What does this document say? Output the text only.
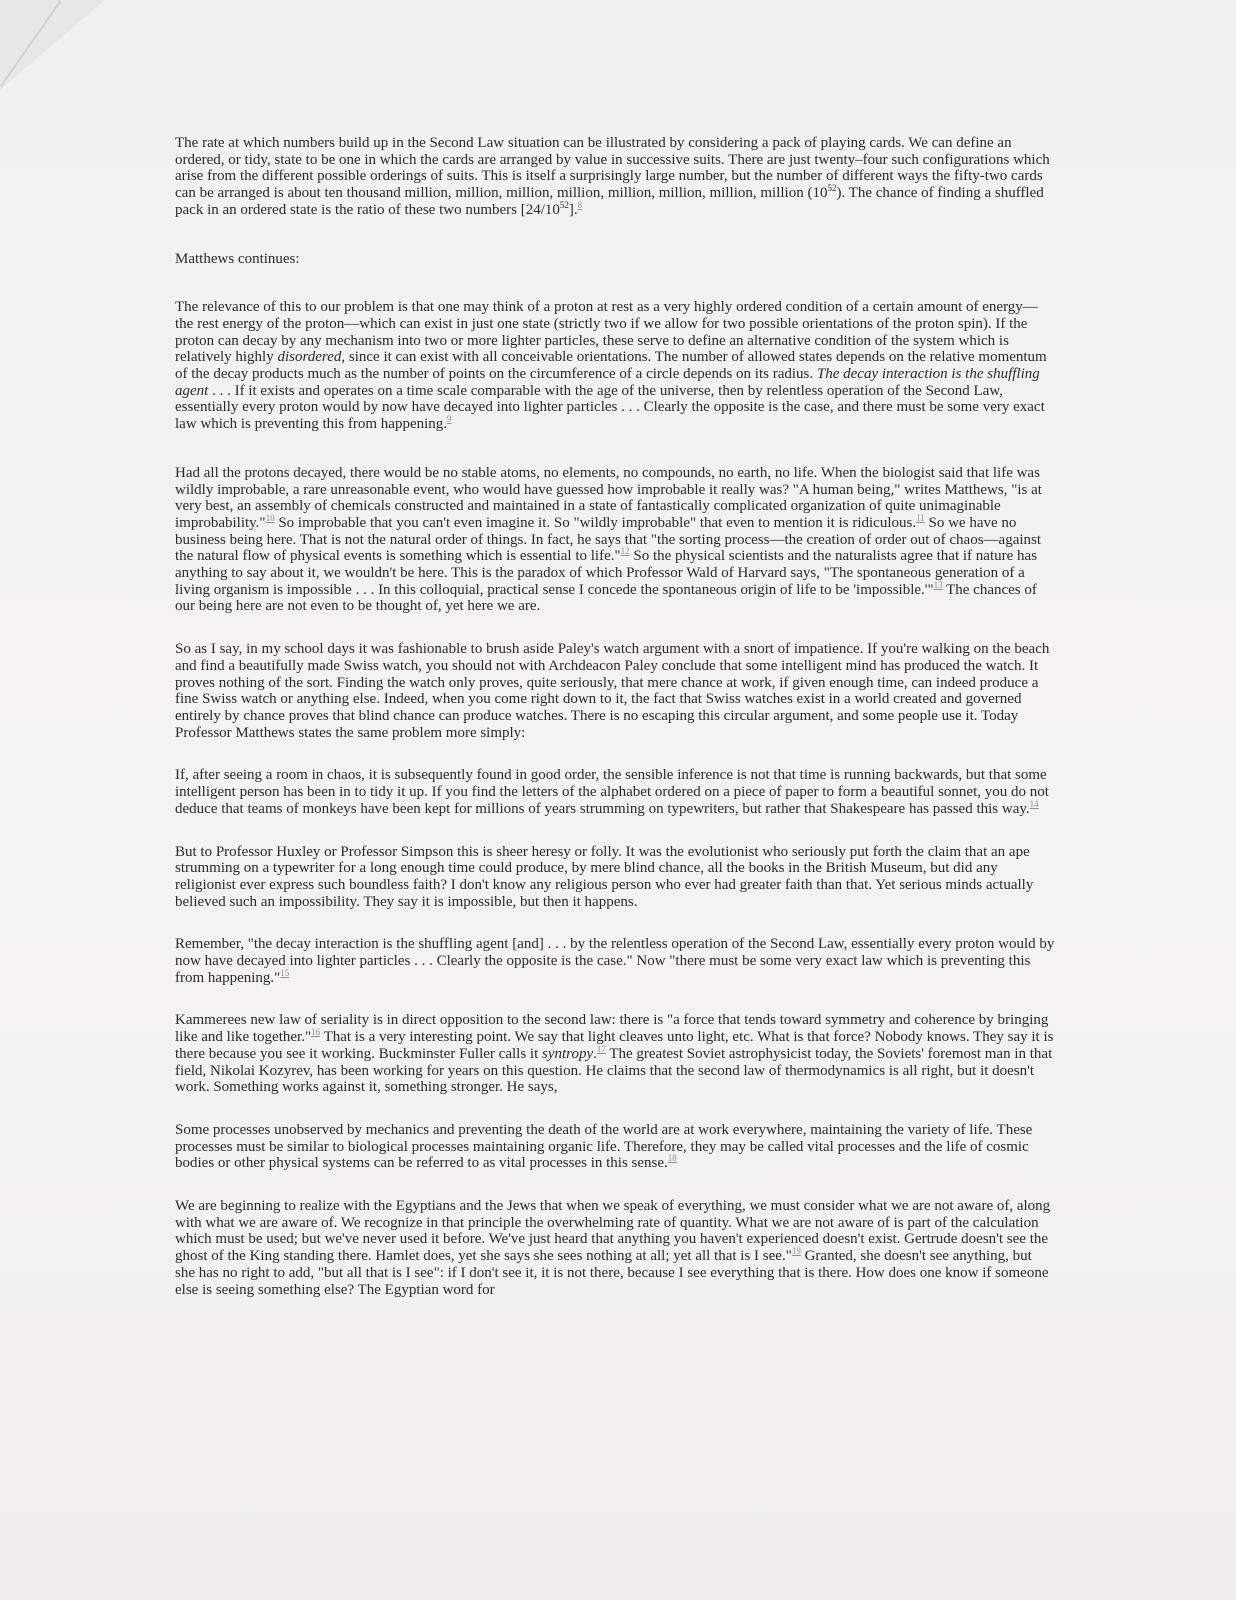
The rate at which numbers build up in the Second Law situation can be illustrated by considering a pack of playing cards. We can define an ordered, or tidy, state to be one in which the cards are arranged by value in successive suits. There are just twenty–four such configurations which arise from the different possible orderings of suits. This is itself a surprisingly large number, but the number of different ways the fifty-two cards can be arranged is about ten thousand million, million, million, million, million, million, million, million $(10^{52})$. The chance of finding a shuffled pack in an ordered state is the ratio of these two numbers $[24/10^{52}].^8$

Matthews continues:

The relevance of this to our problem is that one may think of a proton at rest as a very highly ordered condition of a certain amount of energy—the rest energy of the proton—which can exist in just one state (strictly two if we allow for two possible orientations of the proton spin). If the proton can decay by any mechanism into two or more lighter particles, these serve to define an alternative condition of the system which is relatively highly disordered, since it can exist with all conceivable orientations. The number of allowed states depends on the relative momentum of the decay products much as the number of points on the circumference of a circle depends on its radius. The decay interaction is the shuffling agent . . . If it exists and operates on a time scale comparable with the age of the universe, then by relentless operation of the Second Law, essentially every proton would by now have decayed into lighter particles . . . Clearly the opposite is the case, and there must be some very exact law which is preventing this from happening.$^9$

Had all the protons decayed, there would be no stable atoms, no elements, no compounds, no earth, no life. When the biologist said that life was wildly improbable, a rare unreasonable event, who would have guessed how improbable it really was? "A human being," writes Matthews, "is at very best, an assembly of chemicals constructed and maintained in a state of fantastically complicated organization of quite unimaginable improbability."$^{10}$ So improbable that you can't even imagine it. So "wildly improbable" that even to mention it is ridiculous.$^{11}$ So we have no business being here. That is not the natural order of things. In fact, he says that "the sorting process—the creation of order out of chaos—against the natural flow of physical events is something which is essential to life."$^{12}$ So the physical scientists and the naturalists agree that if nature has anything to say about it, we wouldn't be here. This is the paradox of which Professor Wald of Harvard says, "The spontaneous generation of a living organism is impossible . . . In this colloquial, practical sense I concede the spontaneous origin of life to be 'impossible.'"$^{13}$ The chances of our being here are not even to be thought of, yet here we are.

So as I say, in my school days it was fashionable to brush aside Paley's watch argument with a snort of impatience. If you're walking on the beach and find a beautifully made Swiss watch, you should not with Archdeacon Paley conclude that some intelligent mind has produced the watch. It proves nothing of the sort. Finding the watch only proves, quite seriously, that mere chance at work, if given enough time, can indeed produce a fine Swiss watch or anything else. Indeed, when you come right down to it, the fact that Swiss watches exist in a world created and governed entirely by chance proves that blind chance can produce watches. There is no escaping this circular argument, and some people use it. Today Professor Matthews states the same problem more simply:

If, after seeing a room in chaos, it is subsequently found in good order, the sensible inference is not that time is running backwards, but that some intelligent person has been in to tidy it up. If you find the letters of the alphabet ordered on a piece of paper to form a beautiful sonnet, you do not deduce that teams of monkeys have been kept for millions of years strumming on typewriters, but rather that Shakespeare has passed this way.$^{14}$

But to Professor Huxley or Professor Simpson this is sheer heresy or folly. It was the evolutionist who seriously put forth the claim that an ape strumming on a typewriter for a long enough time could produce, by mere blind chance, all the books in the British Museum, but did any religionist ever express such boundless faith? I don't know any religious person who ever had greater faith than that. Yet serious minds actually believed such an impossibility. They say it is impossible, but then it happens.

Remember, "the decay interaction is the shuffling agent [and] . . . by the relentless operation of the Second Law, essentially every proton would by now have decayed into lighter particles . . . Clearly the opposite is the case." Now "there must be some very exact law which is preventing this from happening."$^{15}$

Kammerees new law of seriality is in direct opposition to the second law: there is "a force that tends toward symmetry and coherence by bringing like and like together."$^{16}$ That is a very interesting point. We say that light cleaves unto light, etc. What is that force? Nobody knows. They say it is there because you see it working. Buckminster Fuller calls it syntropy.$^{17}$ The greatest Soviet astrophysicist today, the Soviets' foremost man in that field, Nikolai Kozyrev, has been working for years on this question. He claims that the second law of thermodynamics is all right, but it doesn't work. Something works against it, something stronger. He says,

Some processes unobserved by mechanics and preventing the death of the world are at work everywhere, maintaining the variety of life. These processes must be similar to biological processes maintaining organic life. Therefore, they may be called vital processes and the life of cosmic bodies or other physical systems can be referred to as vital processes in this sense.$^{18}$

We are beginning to realize with the Egyptians and the Jews that when we speak of everything, we must consider what we are not aware of, along with what we are aware of. We recognize in that principle the overwhelming rate of quantity. What we are not aware of is part of the calculation which must be used; but we've never used it before. We've just heard that anything you haven't experienced doesn't exist. Gertrude doesn't see the ghost of the King standing there. Hamlet does, yet she says she sees nothing at all; yet all that is I see."$^{19}$ Granted, she doesn't see anything, but she has no right to add, "but all that is I see": if I don't see it, it is not there, because I see everything that is there. How does one know if someone else is seeing something else? The Egyptian word for
